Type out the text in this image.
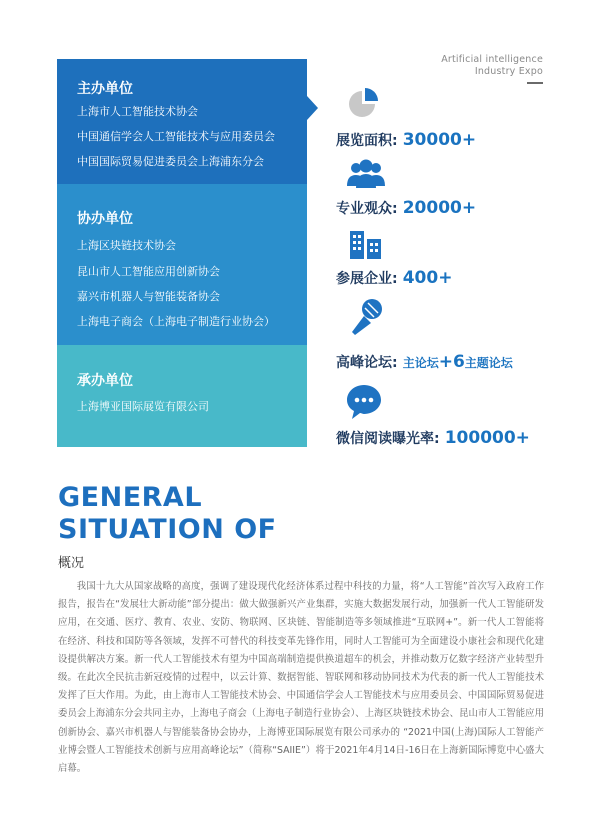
Artificial intelligence
Industry Expo
主办单位
上海市人工智能技术协会
中国通信学会人工智能技术与应用委员会
中国国际贸易促进委员会上海浦东分会
协办单位
上海区块链技术协会
昆山市人工智能应用创新协会
嘉兴市机器人与智能装备协会
上海电子商会（上海电子制造行业协会）
承办单位
上海博亚国际展览有限公司
展览面积: 30000+
专业观众: 20000+
参展企业: 400+
高峰论坛: 主论坛+6主题论坛
微信阅读曝光率: 100000+
GENERAL
SITUATION OF
概况
我国十九大从国家战略的高度，强调了建设现代化经济体系过程中科技的力量，将“人工智能”首次写入政府工作报告，报告在“发展壮大新动能”部分提出：做大做强新兴产业集群，实施大数据发展行动，加强新一代人工智能研发应用，在交通、医疗、教育、农业、安防、物联网、区块链、智能制造等多领域推进“互联网+”。新一代人工智能将在经济、科技和国防等各领域，发挥不可替代的科技变革先锋作用，同时人工智能可为全面建设小康社会和现代化建设提供解决方案。新一代人工智能技术有望为中国高端制造提供换道超车的机会，并推动数万亿数字经济产业转型升级。在此次全民抗击新冠疫情的过程中，以云计算、数据智能、智联网和移动协同技术为代表的新一代人工智能技术发挥了巨大作用。为此，由上海市人工智能技术协会、中国通信学会人工智能技术与应用委员会、中国国际贸易促进委员会上海浦东分会共同主办，上海电子商会（上海电子制造行业协会）、上海区块链技术协会、昆山市人工智能应用创新协会、嘉兴市机器人与智能装备协会协办，上海博亚国际展览有限公司承办的 “2021中国(上海)国际人工智能产业博会暨人工智能技术创新与应用高峰论坛”（简称“SAIIE”）将于2021年4月14日-16日在上海新国际博览中心盛大启幕。
